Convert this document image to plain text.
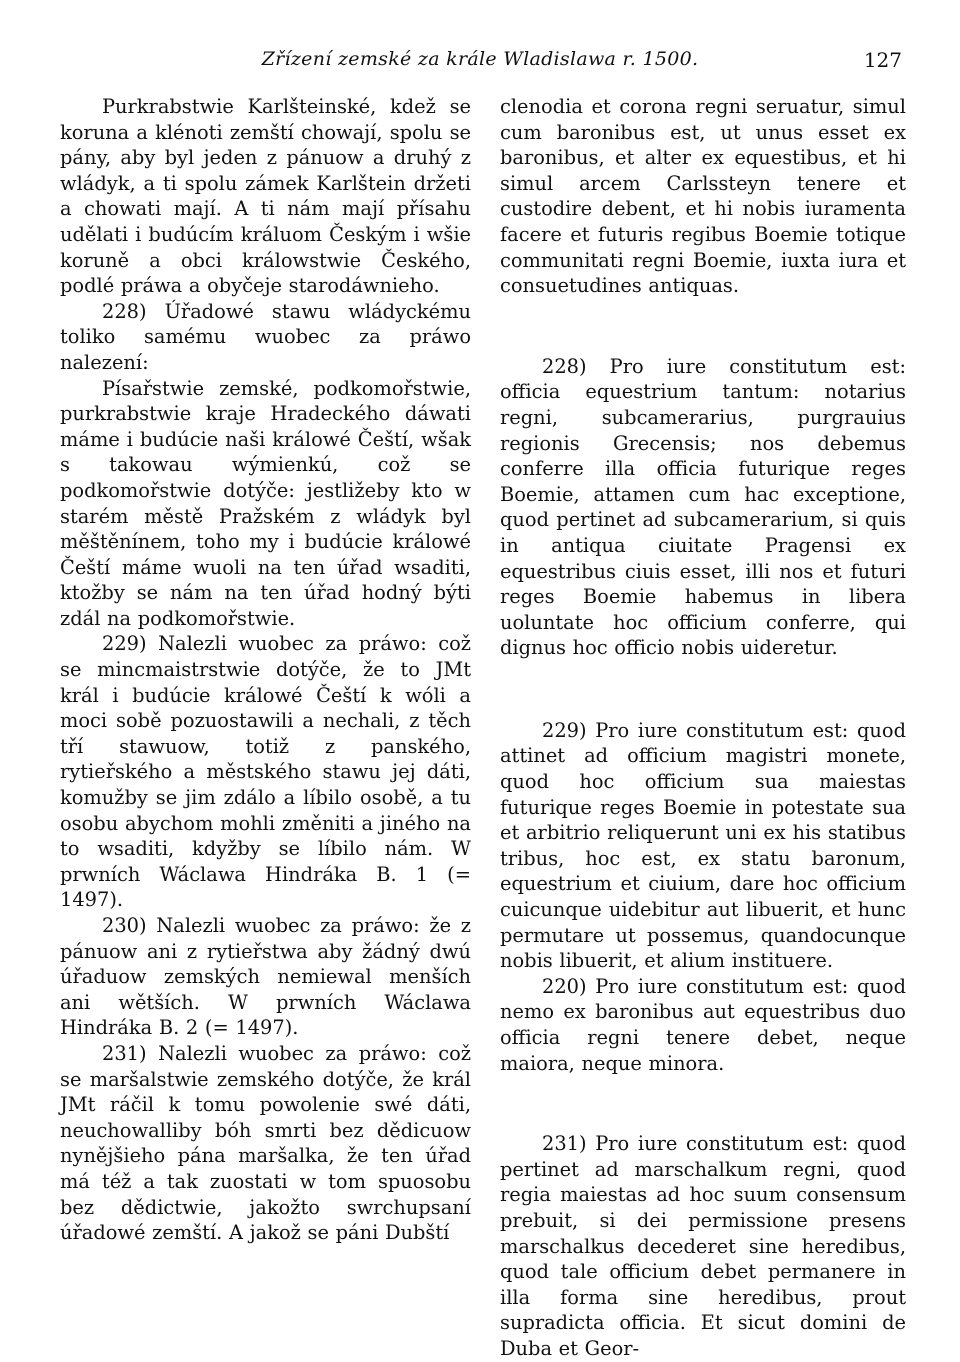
Zřízení zemské za krále Wladislawa r. 1500.	127

Purkrabstwie Karlšteinské, kdež se koruna a klénoti zemští chowají, spolu se pány, aby byl jeden z pánuow a druhý z wládyk, a ti spolu zámek Karlštein držeti a chowati mají. A ti nám mají přísahu udělati i budúcím králuom Českým i wšie koruně a obci králowstwie Českého, podlé práwa a obyčeje starodáwnieho.

228) Úřadowé stawu wládyckému toliko samému wuobec za práwo nalezení:

Písařstwie zemské, podkomořstwie, purkrabstwie kraje Hradeckého dáwati máme i budúcie naši králowé Čeští, wšak s takowau wýmienkú, což se podkomořstwie dotýče: jestližeby kto w starém městě Pražském z wládyk byl měštěnínem, toho my i budúcie králowé Čeští máme wuoli na ten úřad wsaditi, ktožby se nám na ten úřad hodný býti zdál na podkomořstwie.

229) Nalezli wuobec za práwo: což se mincmaistrstwie dotýče, že to JMt král i budúcie králowé Čeští k wóli a moci sobě pozuostawili a nechali, z těch tří stawuow, totiž z panského, rytieřského a městského stawu jej dáti, komužby se jim zdálo a líbilo osobě, a tu osobu abychom mohli změniti a jiného na to wsaditi, kdyžby se líbilo nám. W prwních Wáclawa Hindráka B. 1 (= 1497).

230) Nalezli wuobec za práwo: že z pánuow ani z rytieřstwa aby žádný dwú úřaduow zemských nemiewal menších ani wětších. W prwních Wáclawa Hindráka B. 2 (= 1497).

231) Nalezli wuobec za práwo: což se maršalstwie zemského dotýče, že král JMt ráčil k tomu powolenie swé dáti, neuchowalliby bóh smrti bez dědicuow nynějšieho pána maršalka, že ten úřad má též a tak zuostati w tom spuosobu bez dědictwie, jakožto swrchupsaní úřadowé zemští. A jakož se páni Dubští

clenodia et corona regni seruatur, simul cum baronibus est, ut unus esset ex baronibus, et alter ex equestibus, et hi simul arcem Carlssteyn tenere et custodire debent, et hi nobis iuramenta facere et futuris regibus Boemie totique communitati regni Boemie, iuxta iura et consuetudines antiquas.

228) Pro iure constitutum est: officia equestrium tantum: notarius regni, subcamerarius, purgrauius regionis Grecensis; nos debemus conferre illa officia futurique reges Boemie, attamen cum hac exceptione, quod pertinet ad subcamerarium, si quis in antiqua ciuitate Pragensi ex equestribus ciuis esset, illi nos et futuri reges Boemie habemus in libera uoluntate hoc officium conferre, qui dignus hoc officio nobis uideretur.

229) Pro iure constitutum est: quod attinet ad officium magistri monete, quod hoc officium sua maiestas futurique reges Boemie in potestate sua et arbitrio reliquerunt uni ex his statibus tribus, hoc est, ex statu baronum, equestrium et ciuium, dare hoc officium cuicunque uidebitur aut libuerit, et hunc permutare ut possemus, quandocunque nobis libuerit, et alium instituere.

220) Pro iure constitutum est: quod nemo ex baronibus aut equestribus duo officia regni tenere debet, neque maiora, neque minora.

231) Pro iure constitutum est: quod pertinet ad marschalkum regni, quod regia maiestas ad hoc suum consensum prebuit, si dei permissione presens marschalkus decederet sine heredibus, quod tale officium debet permanere in illa forma sine heredibus, prout supradicta officia. Et sicut domini de Duba et Geor-
